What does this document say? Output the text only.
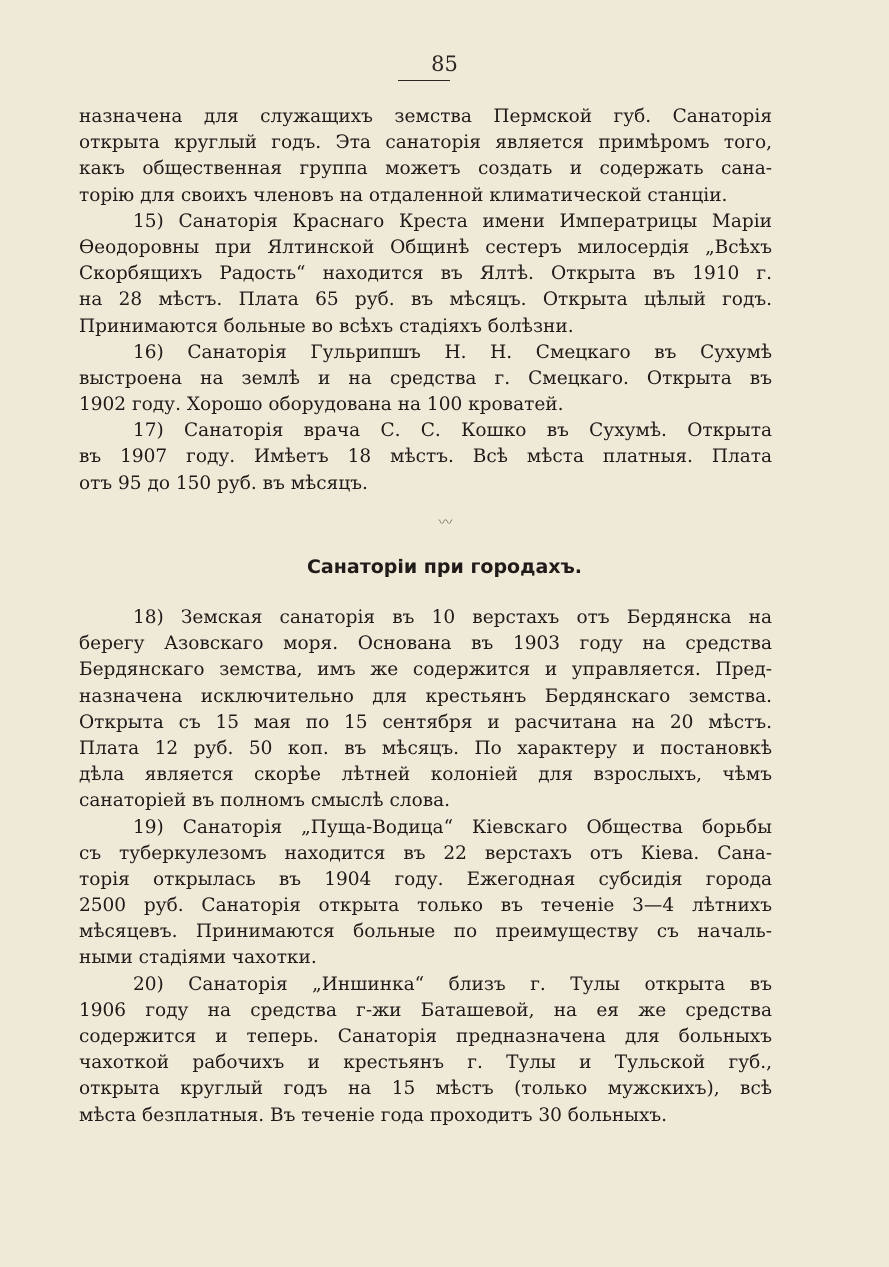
85
назначена для служащихъ земства Пермской губ. Санаторія
открыта круглый годъ. Эта санаторія является примѣромъ того,
какъ общественная группа можетъ создать и содержать сана-
торію для своихъ членовъ на отдаленной климатической станціи.
15) Санаторія Краснаго Креста имени Императрицы Маріи
Ѳеодоровны при Ялтинской Общинѣ сестеръ милосердія „Всѣхъ
Скорбящихъ Радость“ находится въ Ялтѣ. Открыта въ 1910 г.
на 28 мѣстъ. Плата 65 руб. въ мѣсяцъ. Открыта цѣлый годъ.
Принимаются больные во всѣхъ стадіяхъ болѣзни.
16) Санаторія Гульрипшъ Н. Н. Смецкаго въ Сухумѣ
выстроена на землѣ и на средства г. Смецкаго. Открыта въ
1902 году. Хорошо оборудована на 100 кроватей.
17) Санаторія врача С. С. Кошко въ Сухумѣ. Открыта
въ 1907 году. Имѣетъ 18 мѣстъ. Всѣ мѣста платныя. Плата
отъ 95 до 150 руб. въ мѣсяцъ.
〰
Санаторіи при городахъ.
18) Земская санаторія въ 10 верстахъ отъ Бердянска на
берегу Азовскаго моря. Основана въ 1903 году на средства
Бердянскаго земства, имъ же содержится и управляется. Пред-
назначена исключительно для крестьянъ Бердянскаго земства.
Открыта съ 15 мая по 15 сентября и расчитана на 20 мѣстъ.
Плата 12 руб. 50 коп. въ мѣсяцъ. По характеру и постановкѣ
дѣла является скорѣе лѣтней колоніей для взрослыхъ, чѣмъ
санаторіей въ полномъ смыслѣ слова.
19) Санаторія „Пуща-Водица“ Кіевскаго Общества борьбы
съ туберкулезомъ находится въ 22 верстахъ отъ Кіева. Сана-
торія открылась въ 1904 году. Ежегодная субсидія города
2500 руб. Санаторія открыта только въ теченіе 3—4 лѣтнихъ
мѣсяцевъ. Принимаются больные по преимуществу съ началь-
ными стадіями чахотки.
20) Санаторія „Иншинка“ близъ г. Тулы открыта въ
1906 году на средства г-жи Баташевой, на ея же средства
содержится и теперь. Санаторія предназначена для больныхъ
чахоткой рабочихъ и крестьянъ г. Тулы и Тульской губ.,
открыта круглый годъ на 15 мѣстъ (только мужскихъ), всѣ
мѣста безплатныя. Въ теченіе года проходитъ 30 больныхъ.
